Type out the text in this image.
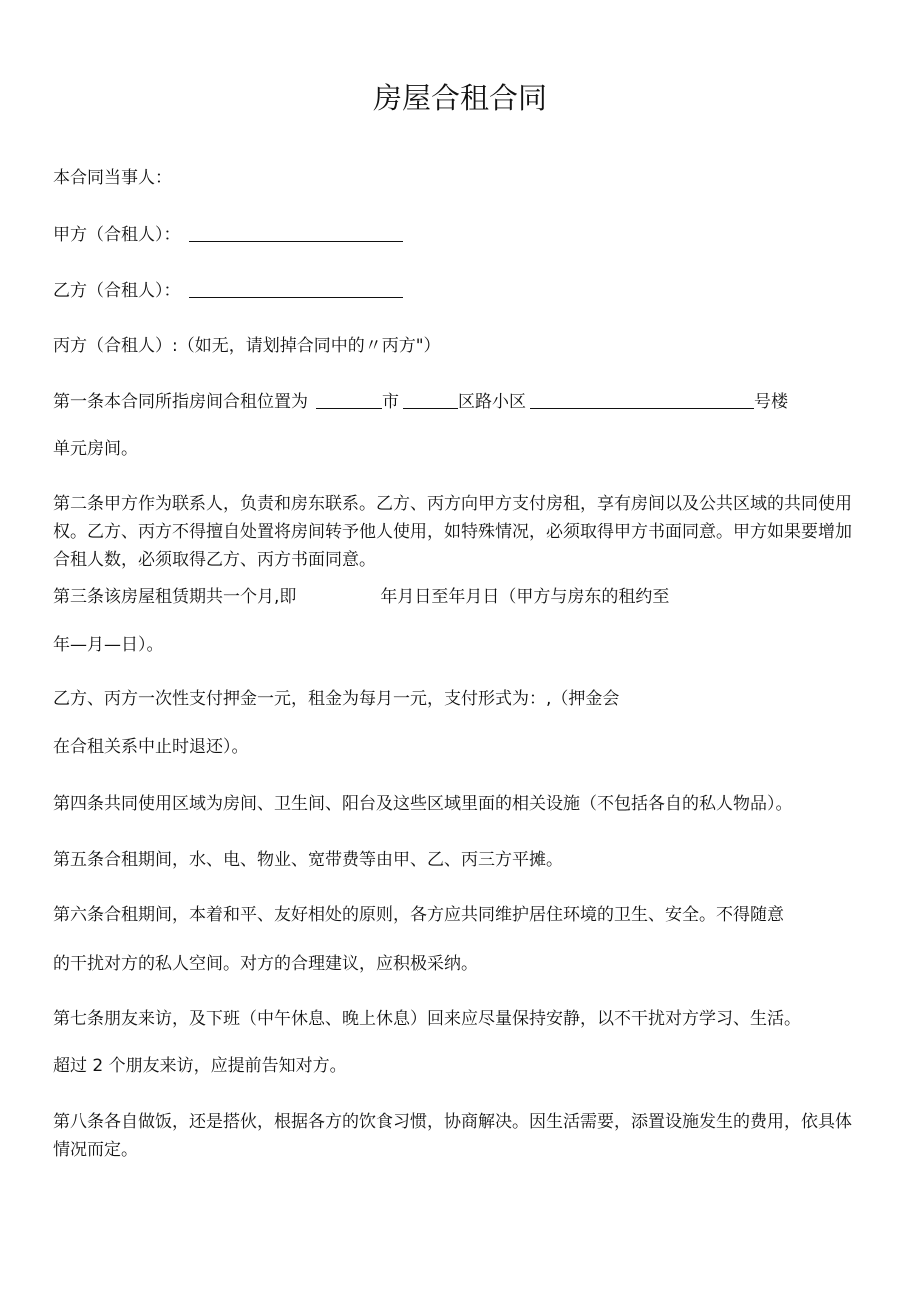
房屋合租合同
本合同当事人：
甲方（合租人）：
乙方（合租人）：
丙方（合租人）:（如无，请划掉合同中的〃丙方"）
第一条本合同所指房间合租位置为	市	区路小区	号楼
单元房间。
第二条甲方作为联系人，负责和房东联系。乙方、丙方向甲方支付房租，享有房间以及公共区域的共同使用权。乙方、丙方不得擅自处置将房间转予他人使用，如特殊情况，必须取得甲方书面同意。甲方如果要增加合租人数，必须取得乙方、丙方书面同意。
第三条该房屋租赁期共一个月,即	年月日至年月日（甲方与房东的租约至
年—月—日）。
乙方、丙方一次性支付押金一元，租金为每月一元，支付形式为：,（押金会
在合租关系中止时退还）。
第四条共同使用区域为房间、卫生间、阳台及这些区域里面的相关设施（不包括各自的私人物品）。
第五条合租期间，水、电、物业、宽带费等由甲、乙、丙三方平摊。
第六条合租期间，本着和平、友好相处的原则，各方应共同维护居住环境的卫生、安全。不得随意
的干扰对方的私人空间。对方的合理建议，应积极采纳。
第七条朋友来访，及下班（中午休息、晚上休息）回来应尽量保持安静，以不干扰对方学习、生活。
超过 2 个朋友来访，应提前告知对方。
第八条各自做饭，还是搭伙，根据各方的饮食习惯，协商解决。因生活需要，添置设施发生的费用，依具体情况而定。
